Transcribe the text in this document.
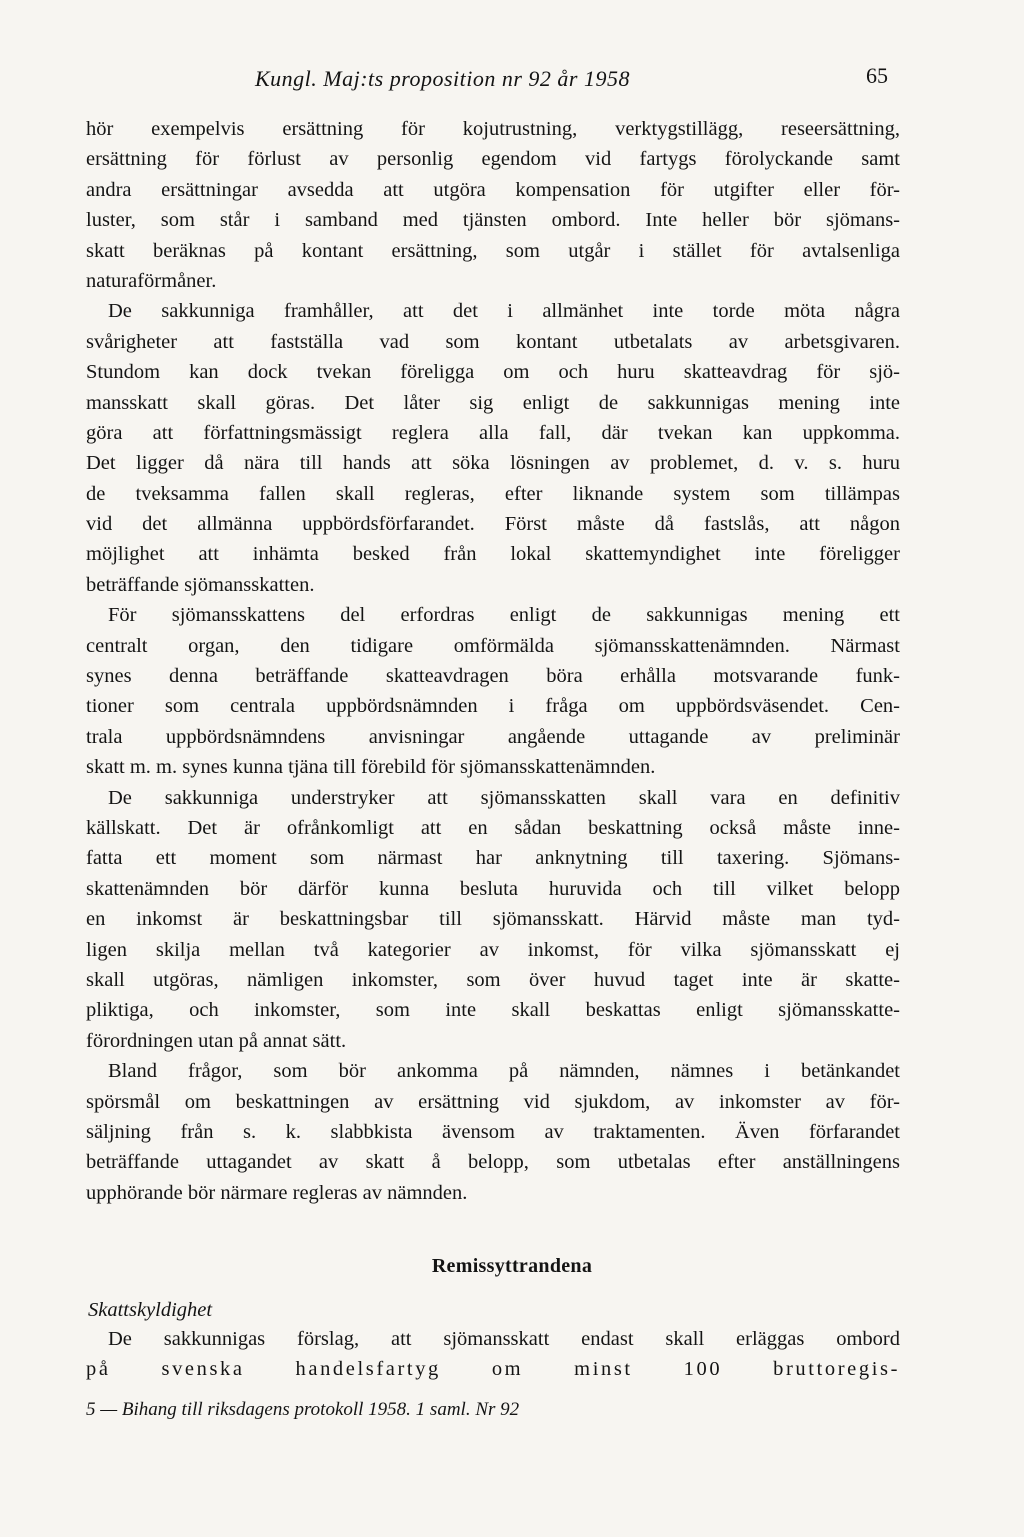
Kungl. Maj:ts proposition nr 92 år 1958	65
hör exempelvis ersättning för kojutrustning, verktygstillägg, reseersättning,
ersättning för förlust av personlig egendom vid fartygs förolyckande samt
andra ersättningar avsedda att utgöra kompensation för utgifter eller för-
luster, som står i samband med tjänsten ombord. Inte heller bör sjömans-
skatt beräknas på kontant ersättning, som utgår i stället för avtalsenliga
naturaförmåner.
De sakkunniga framhåller, att det i allmänhet inte torde möta några
svårigheter att fastställa vad som kontant utbetalats av arbetsgivaren.
Stundom kan dock tvekan föreligga om och huru skatteavdrag för sjö-
mansskatt skall göras. Det låter sig enligt de sakkunnigas mening inte
göra att författningsmässigt reglera alla fall, där tvekan kan uppkomma.
Det ligger då nära till hands att söka lösningen av problemet, d. v. s. huru
de tveksamma fallen skall regleras, efter liknande system som tillämpas
vid det allmänna uppbördsförfarandet. Först måste då fastslås, att någon
möjlighet att inhämta besked från lokal skattemyndighet inte föreligger
beträffande sjömansskatten.
För sjömansskattens del erfordras enligt de sakkunnigas mening ett
centralt organ, den tidigare omförmälda sjömansskattenämnden. Närmast
synes denna beträffande skatteavdragen böra erhålla motsvarande funk-
tioner som centrala uppbördsnämnden i fråga om uppbördsväsendet. Cen-
trala uppbördsnämndens anvisningar angående uttagande av preliminär
skatt m. m. synes kunna tjäna till förebild för sjömansskattenämnden.
De sakkunniga understryker att sjömansskatten skall vara en definitiv
källskatt. Det är ofrånkomligt att en sådan beskattning också måste inne-
fatta ett moment som närmast har anknytning till taxering. Sjömans-
skattenämnden bör därför kunna besluta huruvida och till vilket belopp
en inkomst är beskattningsbar till sjömansskatt. Härvid måste man tyd-
ligen skilja mellan två kategorier av inkomst, för vilka sjömansskatt ej
skall utgöras, nämligen inkomster, som över huvud taget inte är skatte-
pliktiga, och inkomster, som inte skall beskattas enligt sjömansskatte-
förordningen utan på annat sätt.
Bland frågor, som bör ankomma på nämnden, nämnes i betänkandet
spörsmål om beskattningen av ersättning vid sjukdom, av inkomster av för-
säljning från s. k. slabbkista ävensom av traktamenten. Även förfarandet
beträffande uttagandet av skatt å belopp, som utbetalas efter anställningens
upphörande bör närmare regleras av nämnden.
Remissyttrandena
Skattskyldighet
De sakkunnigas förslag, att sjömansskatt endast skall erläggas ombord
på svenska handelsfartyg om minst 100 bruttoregis-
5 — Bihang till riksdagens protokoll 1958. 1 saml. Nr 92
